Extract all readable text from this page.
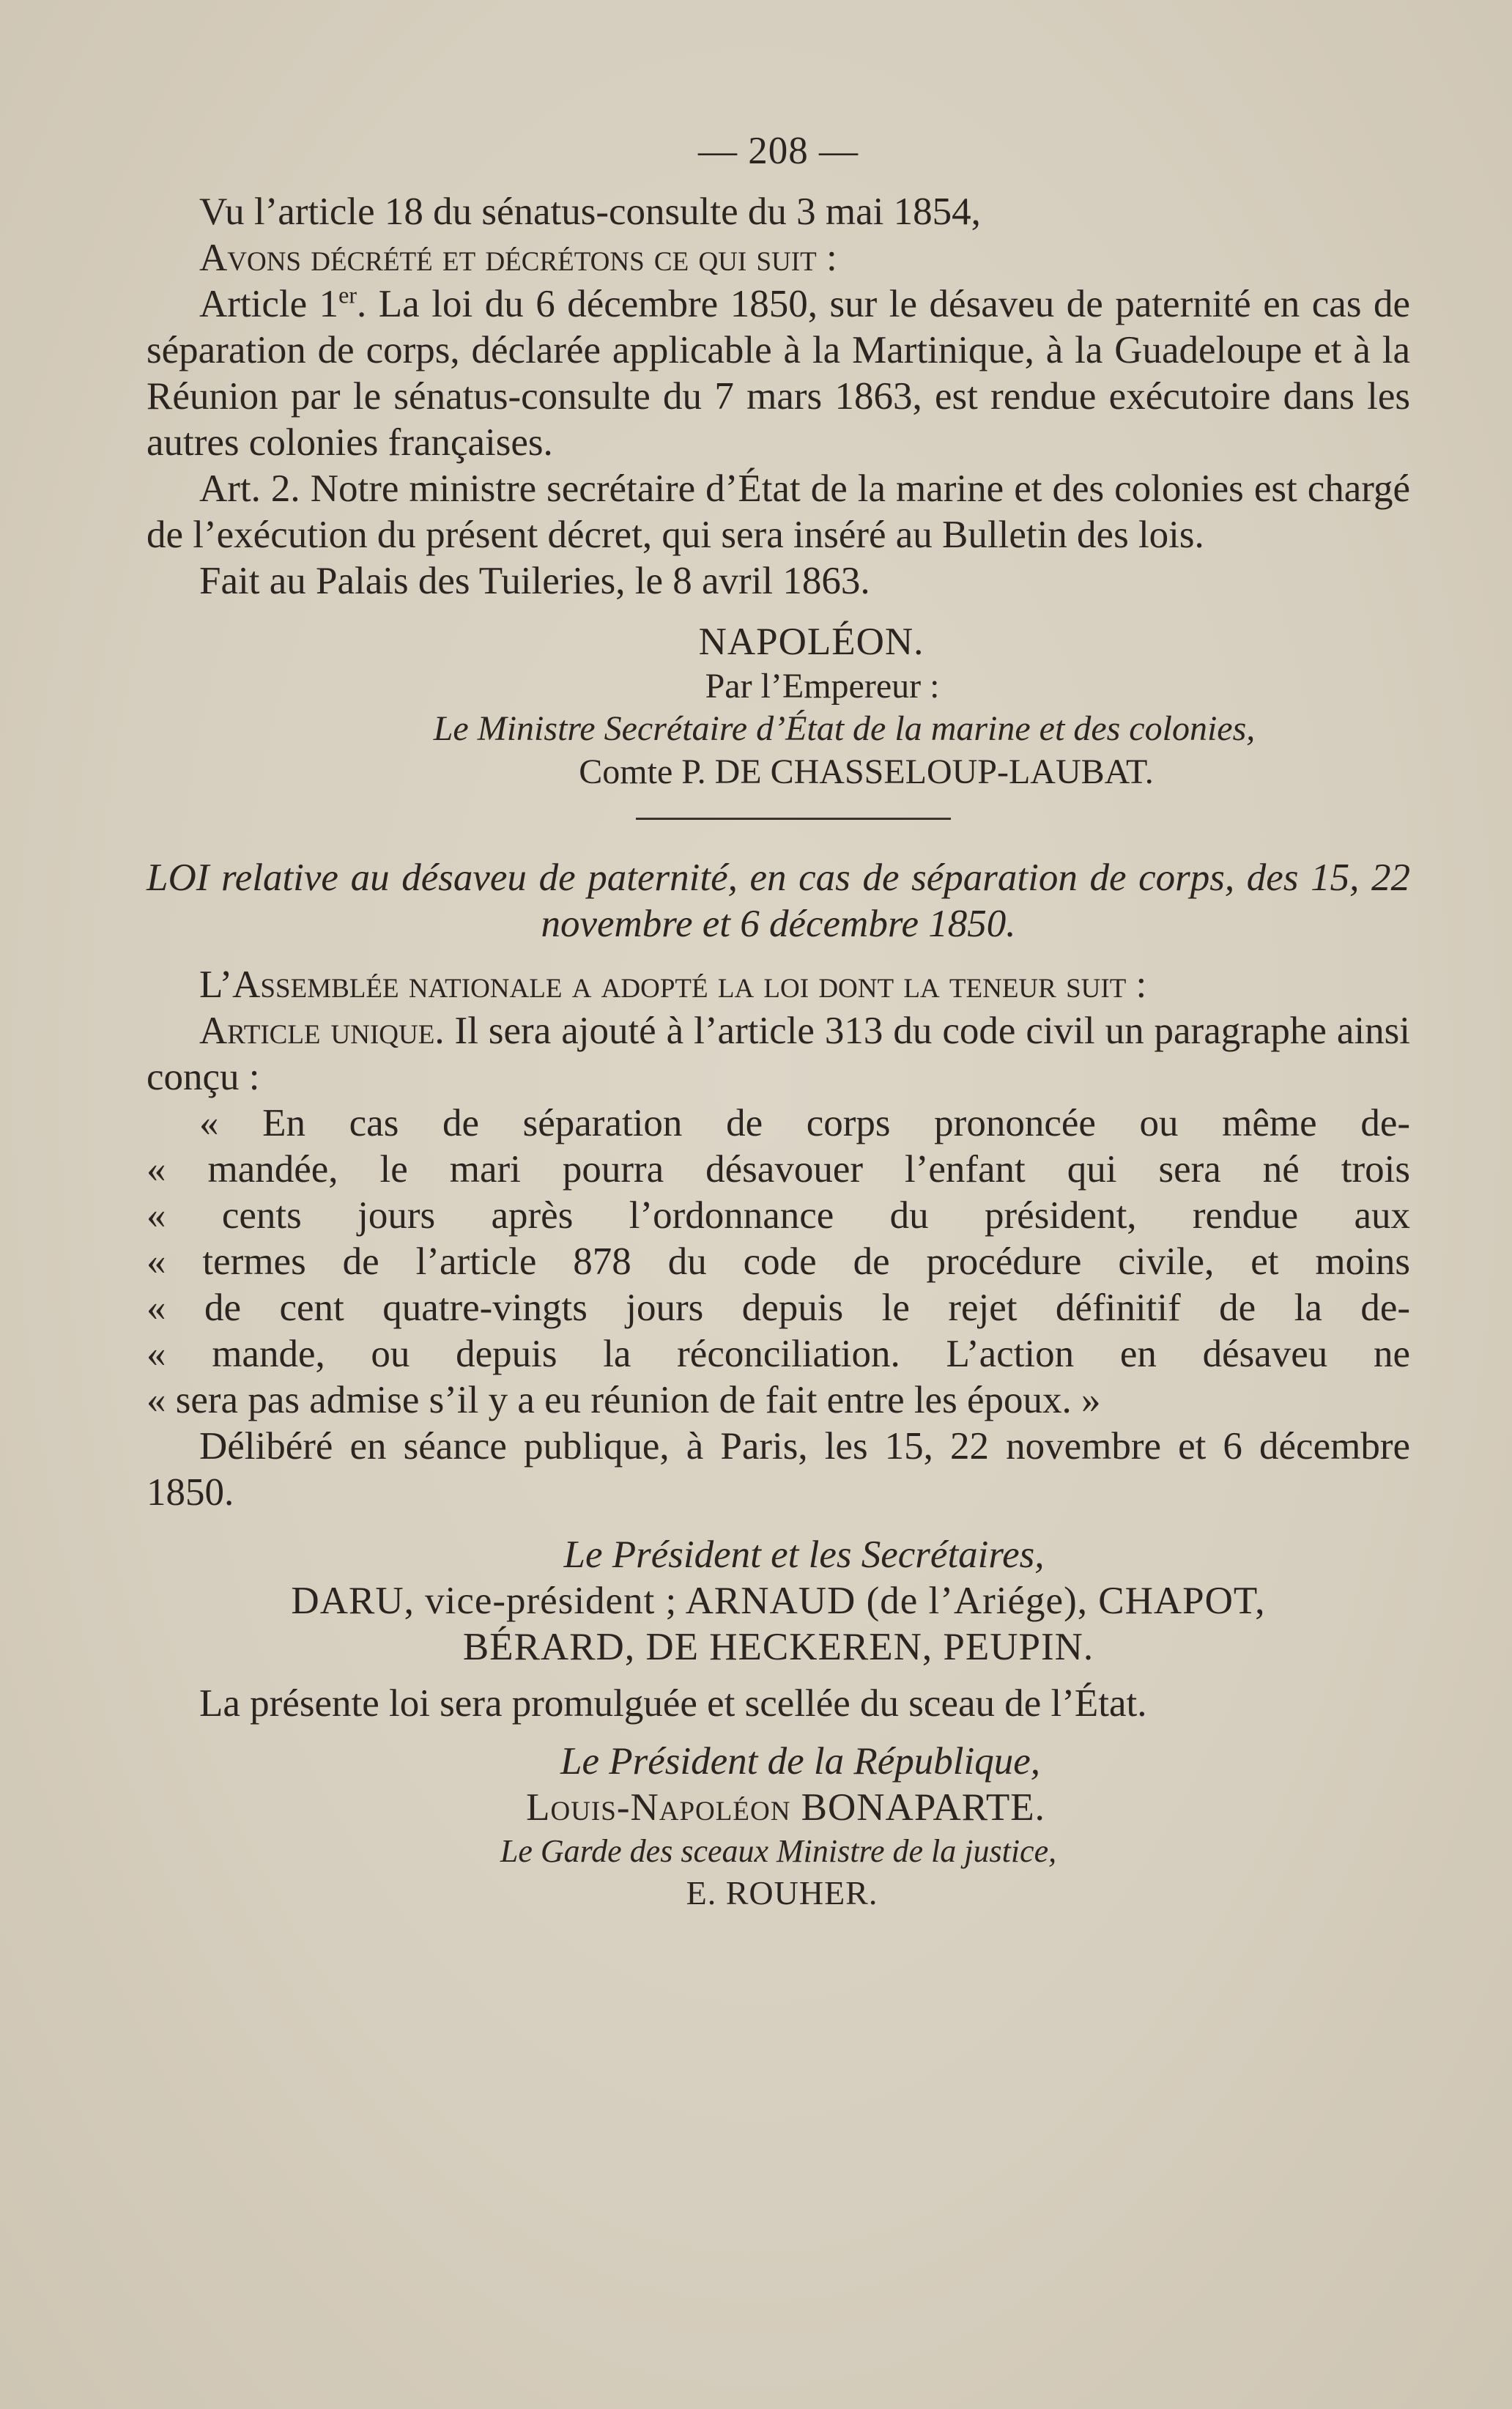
— 208 —

Vu l’article 18 du sénatus-consulte du 3 mai 1854,

Avons décrété et décrétons ce qui suit :

Article 1er. La loi du 6 décembre 1850, sur le désaveu de paternité en cas de séparation de corps, déclarée applicable à la Martinique, à la Guadeloupe et à la Réunion par le sénatus-consulte du 7 mars 1863, est rendue exécutoire dans les autres colonies françaises.

Art. 2. Notre ministre secrétaire d’État de la marine et des colonies est chargé de l’exécution du présent décret, qui sera inséré au Bulletin des lois.

Fait au Palais des Tuileries, le 8 avril 1863.

NAPOLÉON.

Par l’Empereur :

Le Ministre Secrétaire d’État de la marine et des colonies,

Comte P. DE CHASSELOUP-LAUBAT.

LOI relative au désaveu de paternité, en cas de séparation de corps, des 15, 22 novembre et 6 décembre 1850.

L’Assemblée nationale a adopté la loi dont la teneur suit :

Article unique. Il sera ajouté à l’article 313 du code civil un paragraphe ainsi conçu :

« En cas de séparation de corps prononcée ou même de-

« mandée, le mari pourra désavouer l’enfant qui sera né trois

« cents jours après l’ordonnance du président, rendue aux

« termes de l’article 878 du code de procédure civile, et moins

« de cent quatre-vingts jours depuis le rejet définitif de la de-

« mande, ou depuis la réconciliation. L’action en désaveu ne

« sera pas admise s’il y a eu réunion de fait entre les époux. »

Délibéré en séance publique, à Paris, les 15, 22 novembre et 6 décembre 1850.

Le Président et les Secrétaires,

DARU, vice-président ; ARNAUD (de l’Ariége), CHAPOT,

BÉRARD, DE HECKEREN, PEUPIN.

La présente loi sera promulguée et scellée du sceau de l’État.

Le Président de la République,

Louis-Napoléon BONAPARTE.

Le Garde des sceaux Ministre de la justice,

E. ROUHER.
